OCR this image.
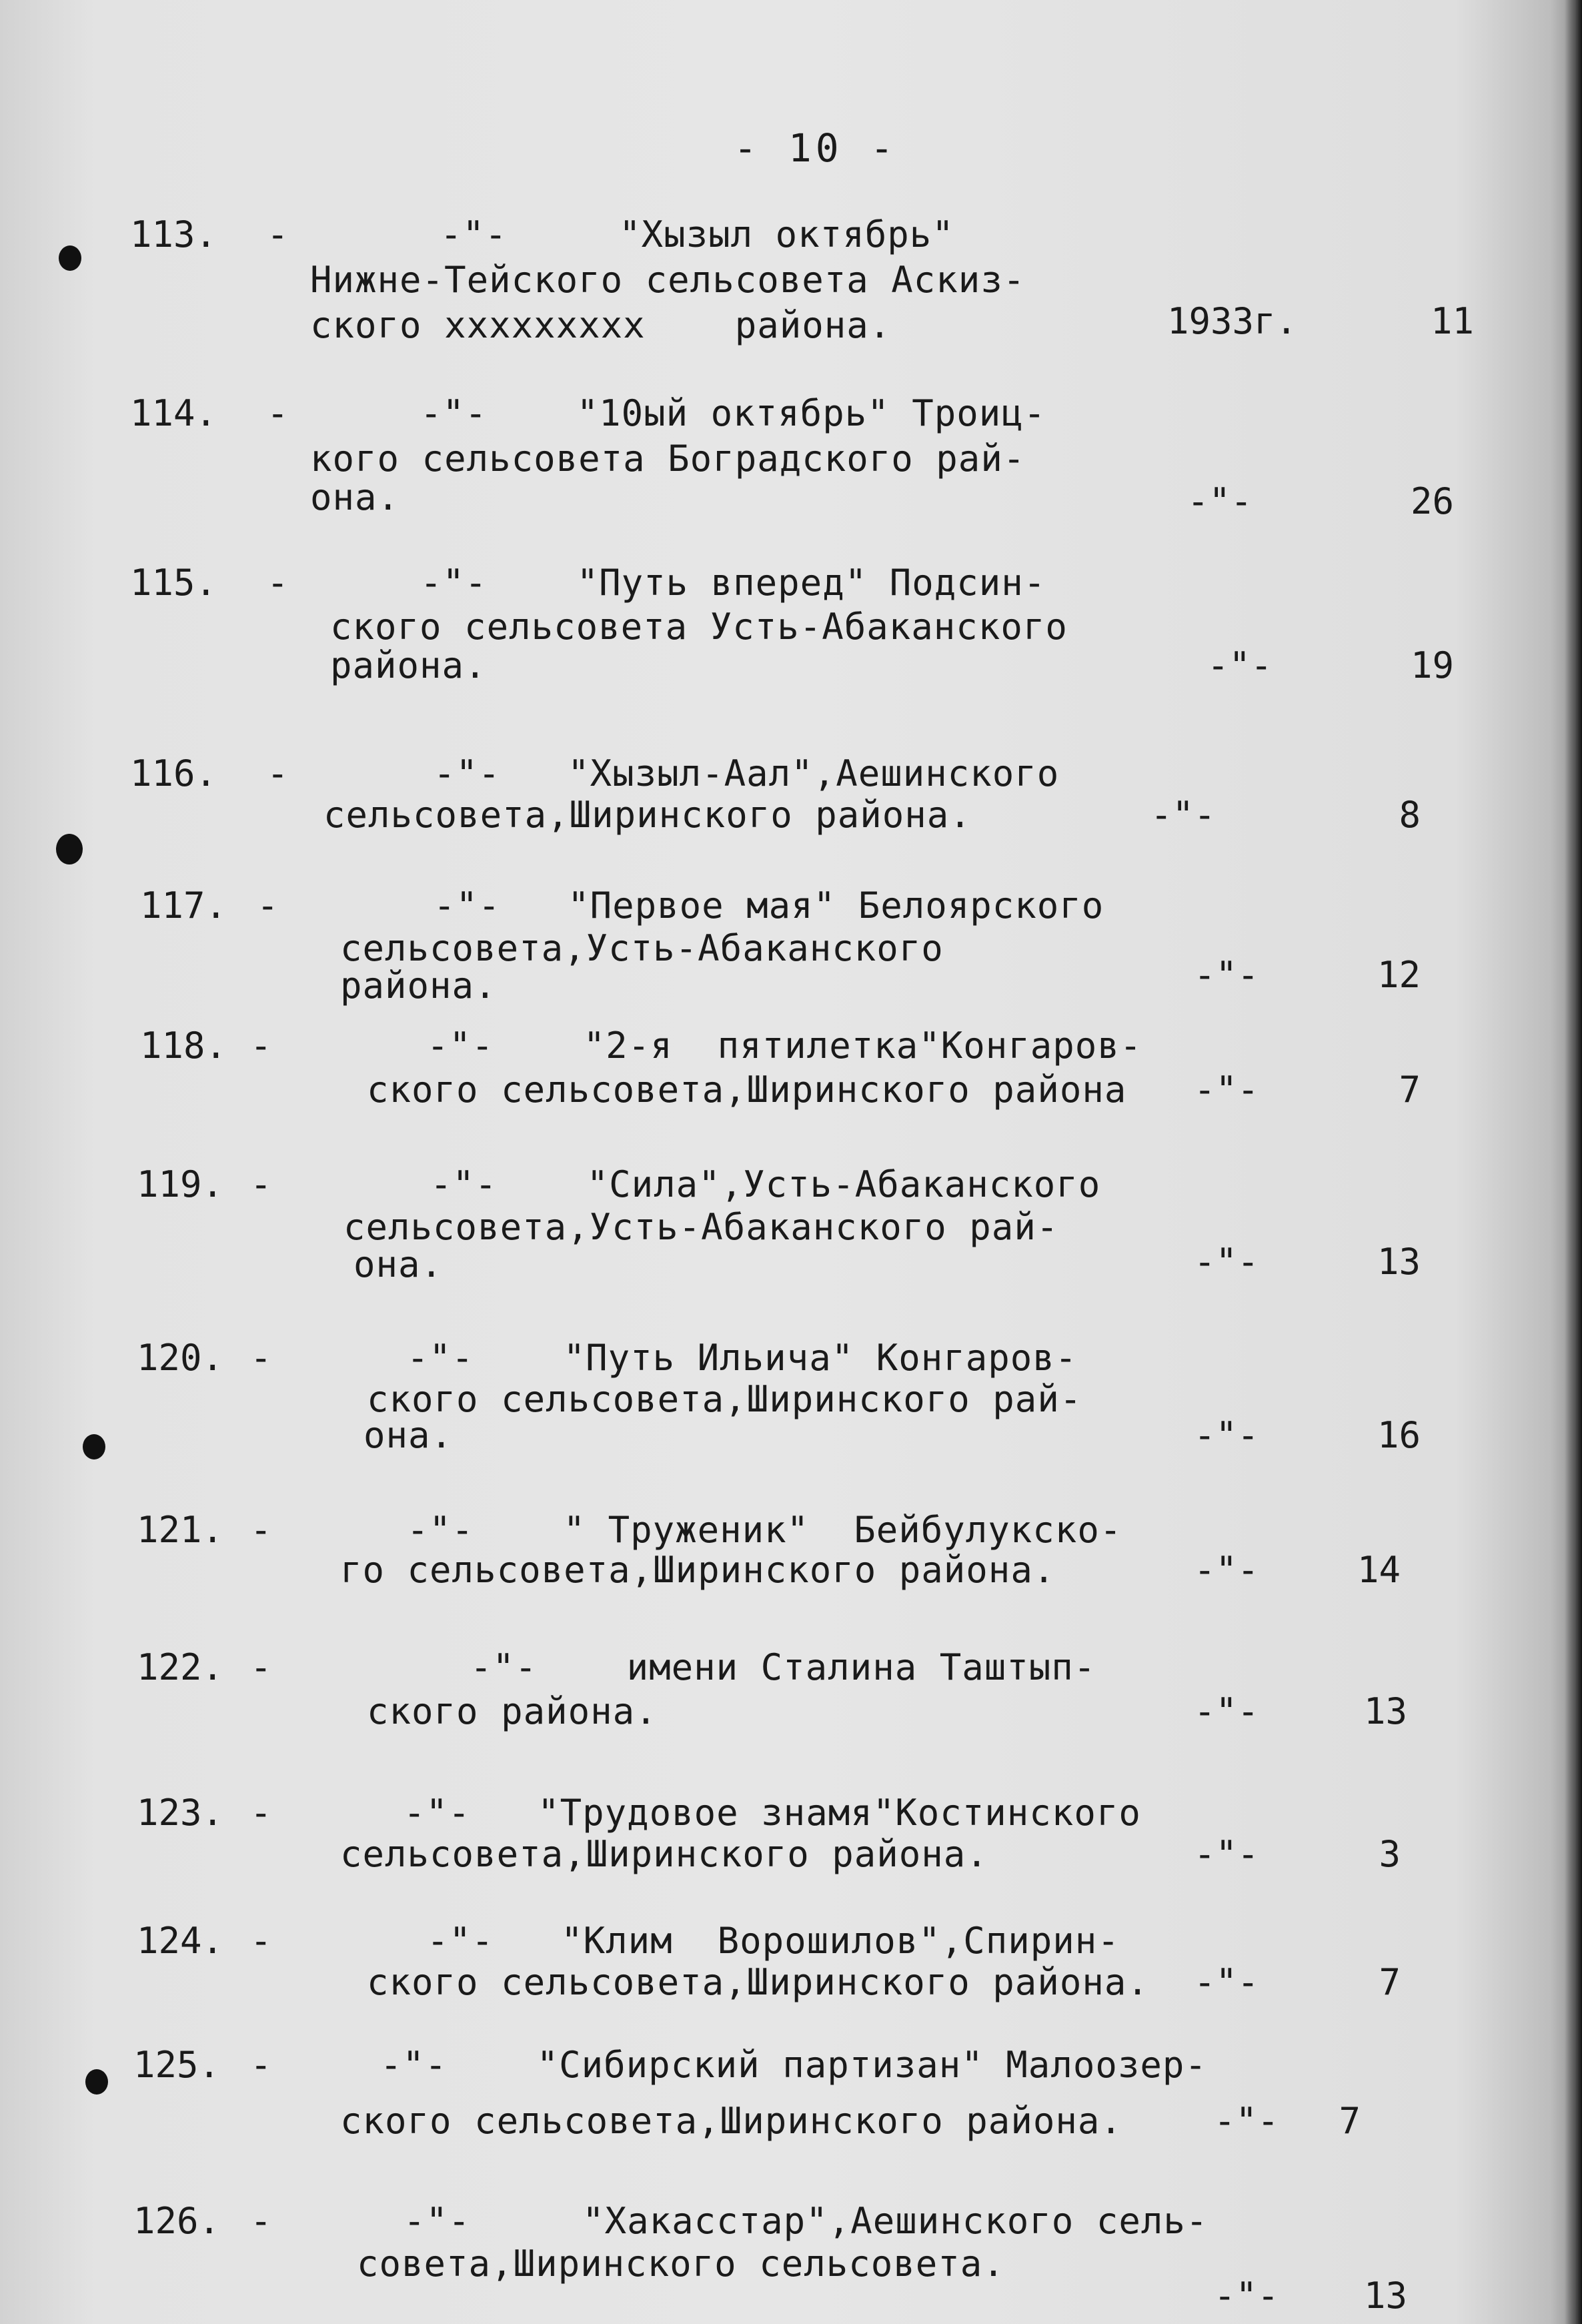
- 10 -
113. -	-"-     "Хызыл октябрь"
Нижне-Тейского сельсовета Аскиз-
ского xxxxxxxxx    района.	1933г.	11
114. -	-"-    "10ый октябрь" Троиц-
кого сельсовета Боградского рай-
она.	-"-	26
115. -	-"-    "Путь вперед" Подсин-
ского сельсовета Усть-Абаканского
района.	-"-	19
116. -	-"-   "Хызыл-Аал",Аешинского
сельсовета,Ширинского района.	-"-	8
117. -	-"-   "Первое мая" Белоярского
сельсовета,Усть-Абаканского
района.	-"-	12
118. -	-"-    "2-я  пятилетка"Конгаров-
ского сельсовета,Ширинского района -"-	7
119. -	-"-    "Сила",Усть-Абаканского
сельсовета,Усть-Абаканского рай-
она.	-"-	13
120. -	-"-    "Путь Ильича" Конгаров-
ского сельсовета,Ширинского рай-
она.	-"-	16
121. -	-"-    " Труженик"  Бейбулукско-
го сельсовета,Ширинского района.	-"-	14
122. -	-"-    имени Сталина Таштып-
ского района.	-"-	13
123. -	-"-   "Трудовое знамя"Костинского
сельсовета,Ширинского района.	-"-	3
124. -	-"-   "Клим  Ворошилов",Спирин-
ского сельсовета,Ширинского района. -"-	7
125. -	-"-    "Сибирский партизан" Малоозер-
ского сельсовета,Ширинского района.	-"-	7
126. -	-"-     "Хакасстар",Аешинского сель-
совета,Ширинского сельсовета.
-"-	13
